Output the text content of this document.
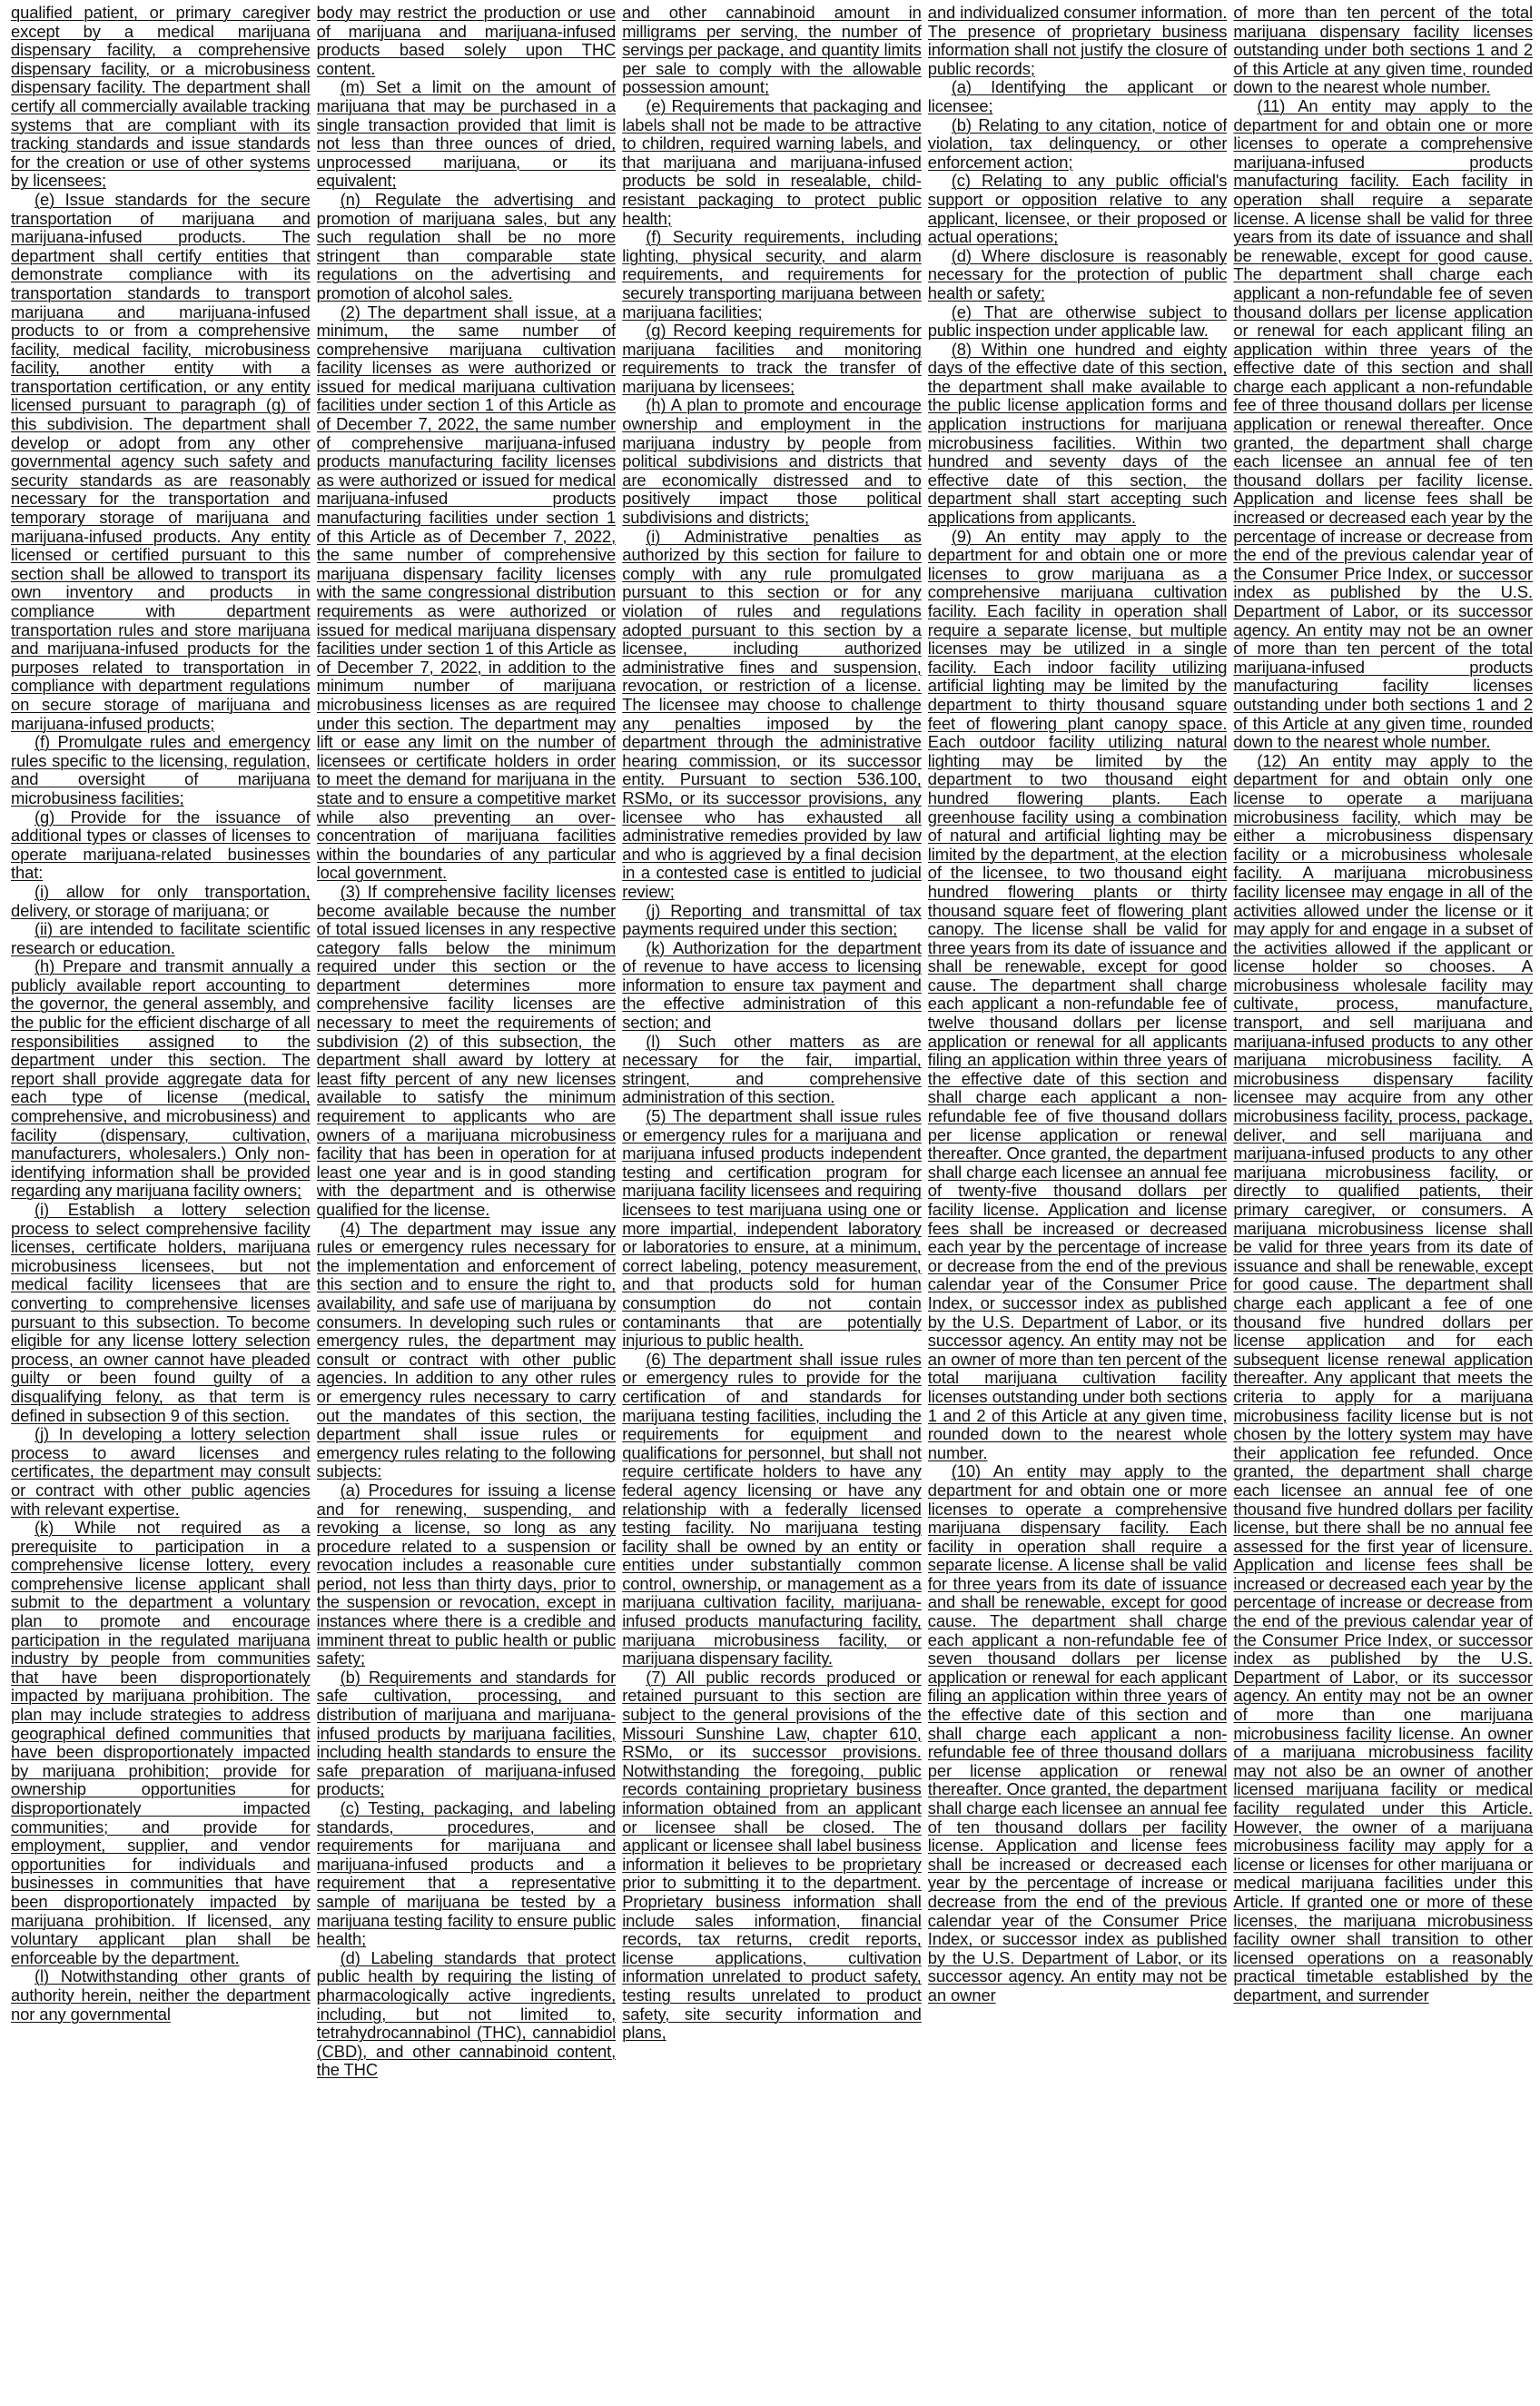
qualified patient, or primary caregiver except by a medical marijuana dispensary facility, a comprehensive dispensary facility, or a microbusiness dispensary facility. The department shall certify all commercially available tracking systems that are compliant with its tracking standards and issue standards for the creation or use of other systems by licensees;

(e) Issue standards for the secure transportation of marijuana and marijuana-infused products. The department shall certify entities that demonstrate compliance with its transportation standards to transport marijuana and marijuana-infused products to or from a comprehensive facility, medical facility, microbusiness facility, another entity with a transportation certification, or any entity licensed pursuant to paragraph (g) of this subdivision. The department shall develop or adopt from any other governmental agency such safety and security standards as are reasonably necessary for the transportation and temporary storage of marijuana and marijuana-infused products. Any entity licensed or certified pursuant to this section shall be allowed to transport its own inventory and products in compliance with department transportation rules and store marijuana and marijuana-infused products for the purposes related to transportation in compliance with department regulations on secure storage of marijuana and marijuana-infused products;

(f) Promulgate rules and emergency rules specific to the licensing, regulation, and oversight of marijuana microbusiness facilities;

(g) Provide for the issuance of additional types or classes of licenses to operate marijuana-related businesses that:

(i) allow for only transportation, delivery, or storage of marijuana; or

(ii) are intended to facilitate scientific research or education.

(h) Prepare and transmit annually a publicly available report accounting to the governor, the general assembly, and the public for the efficient discharge of all responsibilities assigned to the department under this section. The report shall provide aggregate data for each type of license (medical, comprehensive, and microbusiness) and facility (dispensary, cultivation, manufacturers, wholesalers.) Only non-identifying information shall be provided regarding any marijuana facility owners;

(i) Establish a lottery selection process to select comprehensive facility licenses, certificate holders, marijuana microbusiness licensees, but not medical facility licensees that are converting to comprehensive licenses pursuant to this subsection. To become eligible for any license lottery selection process, an owner cannot have pleaded guilty or been found guilty of a disqualifying felony, as that term is defined in subsection 9 of this section.

(j) In developing a lottery selection process to award licenses and certificates, the department may consult or contract with other public agencies with relevant expertise.

(k) While not required as a prerequisite to participation in a comprehensive license lottery, every comprehensive license applicant shall submit to the department a voluntary plan to promote and encourage participation in the regulated marijuana industry by people from communities that have been disproportionately impacted by marijuana prohibition. The plan may include strategies to address geographical defined communities that have been disproportionately impacted by marijuana prohibition; provide for ownership opportunities for disproportionately impacted communities; and provide for employment, supplier, and vendor opportunities for individuals and businesses in communities that have been disproportionately impacted by marijuana prohibition. If licensed, any voluntary applicant plan shall be enforceable by the department.

(l) Notwithstanding other grants of authority herein, neither the department nor any governmental

body may restrict the production or use of marijuana and marijuana-infused products based solely upon THC content.

(m) Set a limit on the amount of marijuana that may be purchased in a single transaction provided that limit is not less than three ounces of dried, unprocessed marijuana, or its equivalent;

(n) Regulate the advertising and promotion of marijuana sales, but any such regulation shall be no more stringent than comparable state regulations on the advertising and promotion of alcohol sales.

(2) The department shall issue, at a minimum, the same number of comprehensive marijuana cultivation facility licenses as were authorized or issued for medical marijuana cultivation facilities under section 1 of this Article as of December 7, 2022, the same number of comprehensive marijuana-infused products manufacturing facility licenses as were authorized or issued for medical marijuana-infused products manufacturing facilities under section 1 of this Article as of December 7, 2022, the same number of comprehensive marijuana dispensary facility licenses with the same congressional distribution requirements as were authorized or issued for medical marijuana dispensary facilities under section 1 of this Article as of December 7, 2022, in addition to the minimum number of marijuana microbusiness licenses as are required under this section. The department may lift or ease any limit on the number of licensees or certificate holders in order to meet the demand for marijuana in the state and to ensure a competitive market while also preventing an over-concentration of marijuana facilities within the boundaries of any particular local government.

(3) If comprehensive facility licenses become available because the number of total issued licenses in any respective category falls below the minimum required under this section or the department determines more comprehensive facility licenses are necessary to meet the requirements of subdivision (2) of this subsection, the department shall award by lottery at least fifty percent of any new licenses available to satisfy the minimum requirement to applicants who are owners of a marijuana microbusiness facility that has been in operation for at least one year and is in good standing with the department and is otherwise qualified for the license.

(4) The department may issue any rules or emergency rules necessary for the implementation and enforcement of this section and to ensure the right to, availability, and safe use of marijuana by consumers. In developing such rules or emergency rules, the department may consult or contract with other public agencies. In addition to any other rules or emergency rules necessary to carry out the mandates of this section, the department shall issue rules or emergency rules relating to the following subjects:

(a) Procedures for issuing a license and for renewing, suspending, and revoking a license, so long as any procedure related to a suspension or revocation includes a reasonable cure period, not less than thirty days, prior to the suspension or revocation, except in instances where there is a credible and imminent threat to public health or public safety;

(b) Requirements and standards for safe cultivation, processing, and distribution of marijuana and marijuana-infused products by marijuana facilities, including health standards to ensure the safe preparation of marijuana-infused products;

(c) Testing, packaging, and labeling standards, procedures, and requirements for marijuana and marijuana-infused products and a requirement that a representative sample of marijuana be tested by a marijuana testing facility to ensure public health;

(d) Labeling standards that protect public health by requiring the listing of pharmacologically active ingredients, including, but not limited to, tetrahydrocannabinol (THC), cannabidiol (CBD), and other cannabinoid content, the THC

and other cannabinoid amount in milligrams per serving, the number of servings per package, and quantity limits per sale to comply with the allowable possession amount;

(e) Requirements that packaging and labels shall not be made to be attractive to children, required warning labels, and that marijuana and marijuana-infused products be sold in resealable, child-resistant packaging to protect public health;

(f) Security requirements, including lighting, physical security, and alarm requirements, and requirements for securely transporting marijuana between marijuana facilities;

(g) Record keeping requirements for marijuana facilities and monitoring requirements to track the transfer of marijuana by licensees;

(h) A plan to promote and encourage ownership and employment in the marijuana industry by people from political subdivisions and districts that are economically distressed and to positively impact those political subdivisions and districts;

(i) Administrative penalties as authorized by this section for failure to comply with any rule promulgated pursuant to this section or for any violation of rules and regulations adopted pursuant to this section by a licensee, including authorized administrative fines and suspension, revocation, or restriction of a license. The licensee may choose to challenge any penalties imposed by the department through the administrative hearing commission, or its successor entity. Pursuant to section 536.100, RSMo, or its successor provisions, any licensee who has exhausted all administrative remedies provided by law and who is aggrieved by a final decision in a contested case is entitled to judicial review;

(j) Reporting and transmittal of tax payments required under this section;

(k) Authorization for the department of revenue to have access to licensing information to ensure tax payment and the effective administration of this section; and

(l) Such other matters as are necessary for the fair, impartial, stringent, and comprehensive administration of this section.

(5) The department shall issue rules or emergency rules for a marijuana and marijuana infused products independent testing and certification program for marijuana facility licensees and requiring licensees to test marijuana using one or more impartial, independent laboratory or laboratories to ensure, at a minimum, correct labeling, potency measurement, and that products sold for human consumption do not contain contaminants that are potentially injurious to public health.

(6) The department shall issue rules or emergency rules to provide for the certification of and standards for marijuana testing facilities, including the requirements for equipment and qualifications for personnel, but shall not require certificate holders to have any federal agency licensing or have any relationship with a federally licensed testing facility. No marijuana testing facility shall be owned by an entity or entities under substantially common control, ownership, or management as a marijuana cultivation facility, marijuana-infused products manufacturing facility, marijuana microbusiness facility, or marijuana dispensary facility.

(7) All public records produced or retained pursuant to this section are subject to the general provisions of the Missouri Sunshine Law, chapter 610, RSMo, or its successor provisions. Notwithstanding the foregoing, public records containing proprietary business information obtained from an applicant or licensee shall be closed. The applicant or licensee shall label business information it believes to be proprietary prior to submitting it to the department. Proprietary business information shall include sales information, financial records, tax returns, credit reports, license applications, cultivation information unrelated to product safety, testing results unrelated to product safety, site security information and plans,

and individualized consumer information. The presence of proprietary business information shall not justify the closure of public records;

(a) Identifying the applicant or licensee;

(b) Relating to any citation, notice of violation, tax delinquency, or other enforcement action;

(c) Relating to any public official's support or opposition relative to any applicant, licensee, or their proposed or actual operations;

(d) Where disclosure is reasonably necessary for the protection of public health or safety;

(e) That are otherwise subject to public inspection under applicable law.

(8) Within one hundred and eighty days of the effective date of this section, the department shall make available to the public license application forms and application instructions for marijuana microbusiness facilities. Within two hundred and seventy days of the effective date of this section, the department shall start accepting such applications from applicants.

(9) An entity may apply to the department for and obtain one or more licenses to grow marijuana as a comprehensive marijuana cultivation facility. Each facility in operation shall require a separate license, but multiple licenses may be utilized in a single facility. Each indoor facility utilizing artificial lighting may be limited by the department to thirty thousand square feet of flowering plant canopy space. Each outdoor facility utilizing natural lighting may be limited by the department to two thousand eight hundred flowering plants. Each greenhouse facility using a combination of natural and artificial lighting may be limited by the department, at the election of the licensee, to two thousand eight hundred flowering plants or thirty thousand square feet of flowering plant canopy. The license shall be valid for three years from its date of issuance and shall be renewable, except for good cause. The department shall charge each applicant a non-refundable fee of twelve thousand dollars per license application or renewal for all applicants filing an application within three years of the effective date of this section and shall charge each applicant a non-refundable fee of five thousand dollars per license application or renewal thereafter. Once granted, the department shall charge each licensee an annual fee of twenty-five thousand dollars per facility license. Application and license fees shall be increased or decreased each year by the percentage of increase or decrease from the end of the previous calendar year of the Consumer Price Index, or successor index as published by the U.S. Department of Labor, or its successor agency. An entity may not be an owner of more than ten percent of the total marijuana cultivation facility licenses outstanding under both sections 1 and 2 of this Article at any given time, rounded down to the nearest whole number.

(10) An entity may apply to the department for and obtain one or more licenses to operate a comprehensive marijuana dispensary facility. Each facility in operation shall require a separate license. A license shall be valid for three years from its date of issuance and shall be renewable, except for good cause. The department shall charge each applicant a non-refundable fee of seven thousand dollars per license application or renewal for each applicant filing an application within three years of the effective date of this section and shall charge each applicant a non-refundable fee of three thousand dollars per license application or renewal thereafter. Once granted, the department shall charge each licensee an annual fee of ten thousand dollars per facility license. Application and license fees shall be increased or decreased each year by the percentage of increase or decrease from the end of the previous calendar year of the Consumer Price Index, or successor index as published by the U.S. Department of Labor, or its successor agency. An entity may not be an owner

of more than ten percent of the total marijuana dispensary facility licenses outstanding under both sections 1 and 2 of this Article at any given time, rounded down to the nearest whole number.

(11) An entity may apply to the department for and obtain one or more licenses to operate a comprehensive marijuana-infused products manufacturing facility. Each facility in operation shall require a separate license. A license shall be valid for three years from its date of issuance and shall be renewable, except for good cause. The department shall charge each applicant a non-refundable fee of seven thousand dollars per license application or renewal for each applicant filing an application within three years of the effective date of this section and shall charge each applicant a non-refundable fee of three thousand dollars per license application or renewal thereafter. Once granted, the department shall charge each licensee an annual fee of ten thousand dollars per facility license. Application and license fees shall be increased or decreased each year by the percentage of increase or decrease from the end of the previous calendar year of the Consumer Price Index, or successor index as published by the U.S. Department of Labor, or its successor agency. An entity may not be an owner of more than ten percent of the total marijuana-infused products manufacturing facility licenses outstanding under both sections 1 and 2 of this Article at any given time, rounded down to the nearest whole number.

(12) An entity may apply to the department for and obtain only one license to operate a marijuana microbusiness facility, which may be either a microbusiness dispensary facility or a microbusiness wholesale facility. A marijuana microbusiness facility licensee may engage in all of the activities allowed under the license or it may apply for and engage in a subset of the activities allowed if the applicant or license holder so chooses. A microbusiness wholesale facility may cultivate, process, manufacture, transport, and sell marijuana and marijuana-infused products to any other marijuana microbusiness facility. A microbusiness dispensary facility licensee may acquire from any other microbusiness facility, process, package, deliver, and sell marijuana and marijuana-infused products to any other marijuana microbusiness facility, or directly to qualified patients, their primary caregiver, or consumers. A marijuana microbusiness license shall be valid for three years from its date of issuance and shall be renewable, except for good cause. The department shall charge each applicant a fee of one thousand five hundred dollars per license application and for each subsequent license renewal application thereafter. Any applicant that meets the criteria to apply for a marijuana microbusiness facility license but is not chosen by the lottery system may have their application fee refunded. Once granted, the department shall charge each licensee an annual fee of one thousand five hundred dollars per facility license, but there shall be no annual fee assessed for the first year of licensure. Application and license fees shall be increased or decreased each year by the percentage of increase or decrease from the end of the previous calendar year of the Consumer Price Index, or successor index as published by the U.S. Department of Labor, or its successor agency. An entity may not be an owner of more than one marijuana microbusiness facility license. An owner of a marijuana microbusiness facility may not also be an owner of another licensed marijuana facility or medical facility regulated under this Article. However, the owner of a marijuana microbusiness facility may apply for a license or licenses for other marijuana or medical marijuana facilities under this Article. If granted one or more of these licenses, the marijuana microbusiness facility owner shall transition to other licensed operations on a reasonably practical timetable established by the department, and surrender
